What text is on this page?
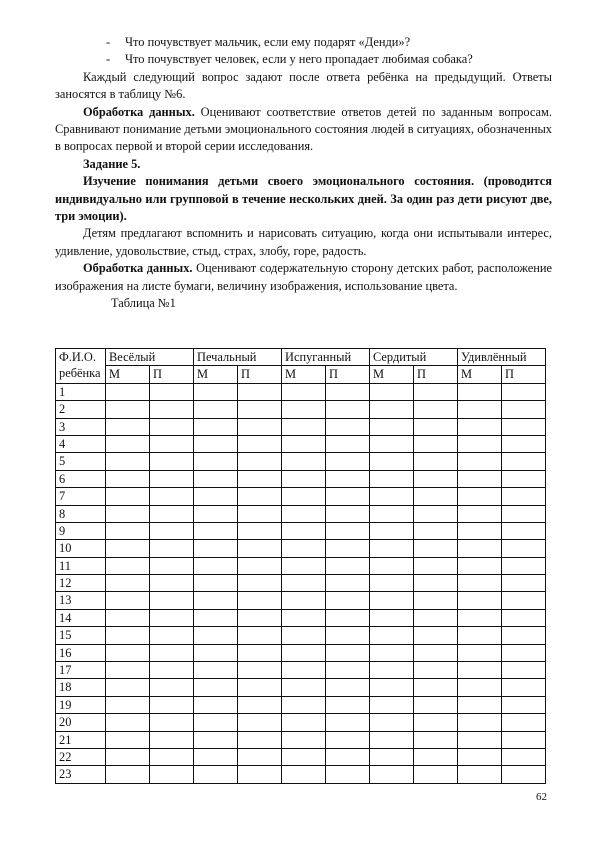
- Что почувствует мальчик, если ему подарят «Денди»?
- Что почувствует человек, если у него пропадает любимая собака?

Каждый следующий вопрос задают после ответа ребёнка на предыдущий. Ответы заносятся в таблицу №6.

Обработка данных. Оценивают соответствие ответов детей по заданным вопросам. Сравнивают понимание детьми эмоционального состояния людей в ситуациях, обозначенных в вопросах первой и второй серии исследования.

Задание 5.

Изучение понимания детьми своего эмоционального состояния. (проводится индивидуально или групповой в течение нескольких дней. За один раз дети рисуют две, три эмоции).

Детям предлагают вспомнить и нарисовать ситуацию, когда они испытывали интерес, удивление, удовольствие, стыд, страх, злобу, горе, радость.

Обработка данных. Оценивают содержательную сторону детских работ, расположение изображения на листе бумаги, величину изображения, использование цвета.

Таблица №1

Ф.И.О.
ребёнка	Весёлый		Печальный		Испуганный		Сердитый		Удивлённый	
	М	П	М	П	М	П	М	П	М	П
1										
2										
3										
4										
5										
6										
7										
8										
9										
10										
11										
12										
13										
14										
15										
16										
17										
18										
19										
20										
21										
22										
23										
62
